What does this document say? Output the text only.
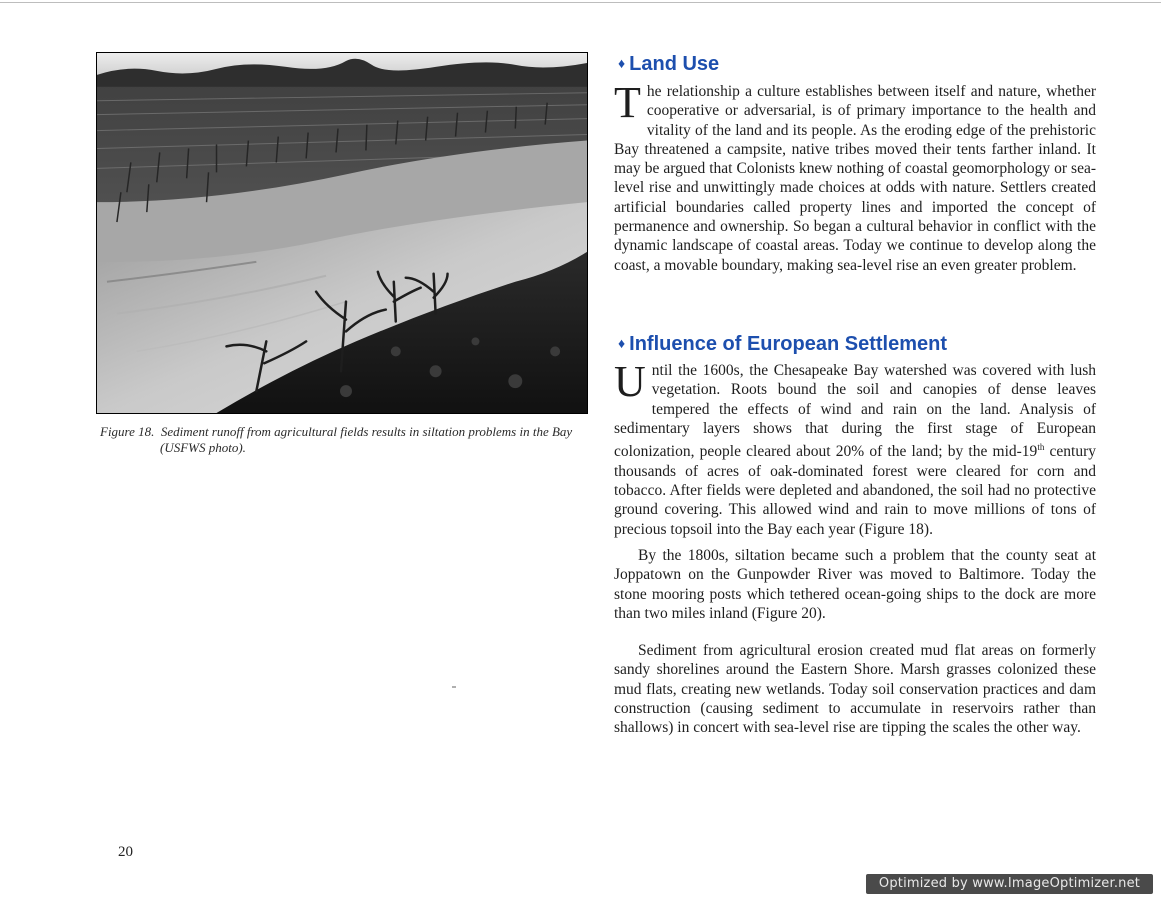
Figure 18. Sediment runoff from agricultural fields results in siltation problems in the Bay (USFWS photo).
♦ Land Use

The relationship a culture establishes between itself and nature, whether cooperative or adversarial, is of primary importance to the health and vitality of the land and its people. As the eroding edge of the prehistoric Bay threatened a campsite, native tribes moved their tents farther inland. It may be argued that Colonists knew nothing of coastal geomorphology or sea-level rise and unwittingly made choices at odds with nature. Settlers created artificial boundaries called property lines and imported the concept of permanence and ownership. So began a cultural behavior in conflict with the dynamic landscape of coastal areas. Today we continue to develop along the coast, a movable boundary, making sea-level rise an even greater problem.

♦ Influence of European Settlement

Until the 1600s, the Chesapeake Bay watershed was covered with lush vegetation. Roots bound the soil and canopies of dense leaves tempered the effects of wind and rain on the land. Analysis of sedimentary layers shows that during the first stage of European colonization, people cleared about 20% of the land; by the mid-19th century thousands of acres of oak-dominated forest were cleared for corn and tobacco. After fields were depleted and abandoned, the soil had no protective ground covering. This allowed wind and rain to move millions of tons of precious topsoil into the Bay each year (Figure 18).

By the 1800s, siltation became such a problem that the county seat at Joppatown on the Gunpowder River was moved to Baltimore. Today the stone mooring posts which tethered ocean-going ships to the dock are more than two miles inland (Figure 20).

Sediment from agricultural erosion created mud flat areas on formerly sandy shorelines around the Eastern Shore. Marsh grasses colonized these mud flats, creating new wetlands. Today soil conservation practices and dam construction (causing sediment to accumulate in reservoirs rather than shallows) in concert with sea-level rise are tipping the scales the other way.

20
Optimized by www.ImageOptimizer.net
